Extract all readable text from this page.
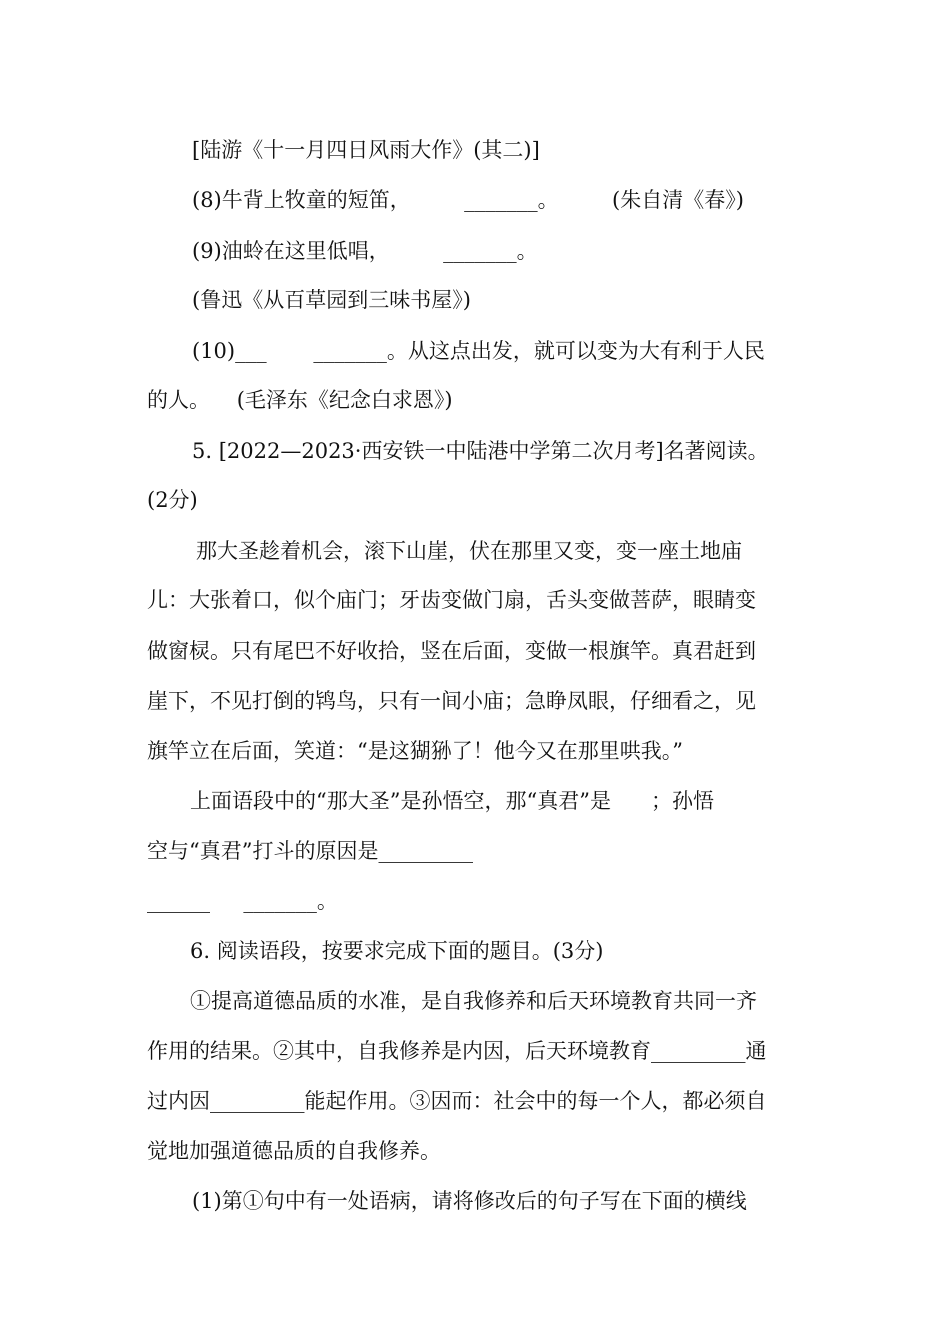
[陆游《十一月四日风雨大作》(其二)]
(8)牛背上牧童的短笛，        _______。        (朱自清《春》)
(9)油蛉在这里低唱，        _______。
(鲁迅《从百草园到三味书屋》)
(10)___       _______。从这点出发，就可以变为大有利于人民
的人。    (毛泽东《纪念白求恩》)
5. [2022—2023·西安铁一中陆港中学第二次月考]名著阅读。
(2分)
那大圣趁着机会，滚下山崖，伏在那里又变，变一座土地庙
儿：大张着口，似个庙门；牙齿变做门扇，舌头变做菩萨，眼睛变
做窗棂。只有尾巴不好收拾，竖在后面，变做一根旗竿。真君赶到
崖下，不见打倒的鸨鸟，只有一间小庙；急睁凤眼，仔细看之，见
旗竿立在后面，笑道：“是这猢狲了！他今又在那里哄我。”
上面语段中的“那大圣”是孙悟空，那“真君”是      ；孙悟
空与“真君”打斗的原因是_________
______     _______。
6. 阅读语段，按要求完成下面的题目。(3分)
①提高道德品质的水准，是自我修养和后天环境教育共同一齐
作用的结果。②其中，自我修养是内因，后天环境教育_________通
过内因_________能起作用。③因而：社会中的每一个人，都必须自
觉地加强道德品质的自我修养。
(1)第①句中有一处语病，请将修改后的句子写在下面的横线
